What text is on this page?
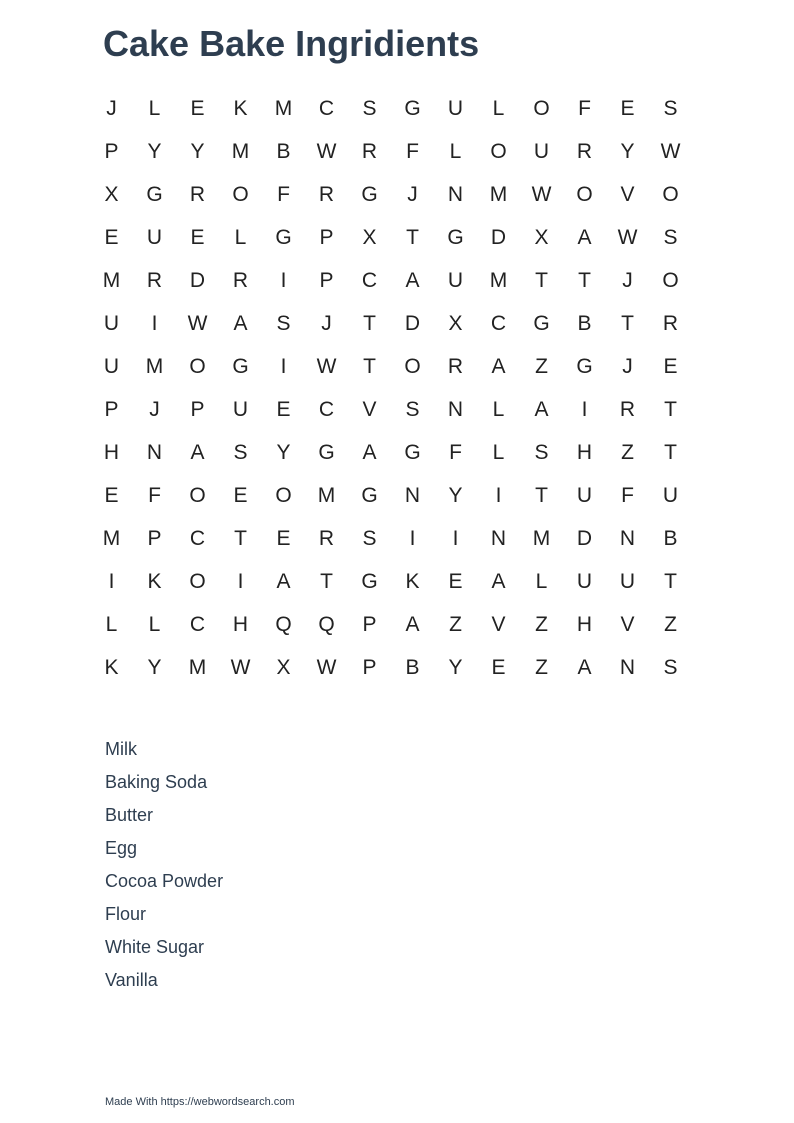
Cake Bake Ingridients
J	L	E	K	M	C	S	G	U	L	O	F	E	S
P	Y	Y	M	B	W	R	F	L	O	U	R	Y	W
X	G	R	O	F	R	G	J	N	M	W	O	V	O
E	U	E	L	G	P	X	T	G	D	X	A	W	S
M	R	D	R	I	P	C	A	U	M	T	T	J	O
U	I	W	A	S	J	T	D	X	C	G	B	T	R
U	M	O	G	I	W	T	O	R	A	Z	G	J	E
P	J	P	U	E	C	V	S	N	L	A	I	R	T
H	N	A	S	Y	G	A	G	F	L	S	H	Z	T
E	F	O	E	O	M	G	N	Y	I	T	U	F	U
M	P	C	T	E	R	S	I	I	N	M	D	N	B
I	K	O	I	A	T	G	K	E	A	L	U	U	T
L	L	C	H	Q	Q	P	A	Z	V	Z	H	V	Z
K	Y	M	W	X	W	P	B	Y	E	Z	A	N	S
Milk
Baking Soda
Butter
Egg
Cocoa Powder
Flour
White Sugar
Vanilla
Made With https://webwordsearch.com
